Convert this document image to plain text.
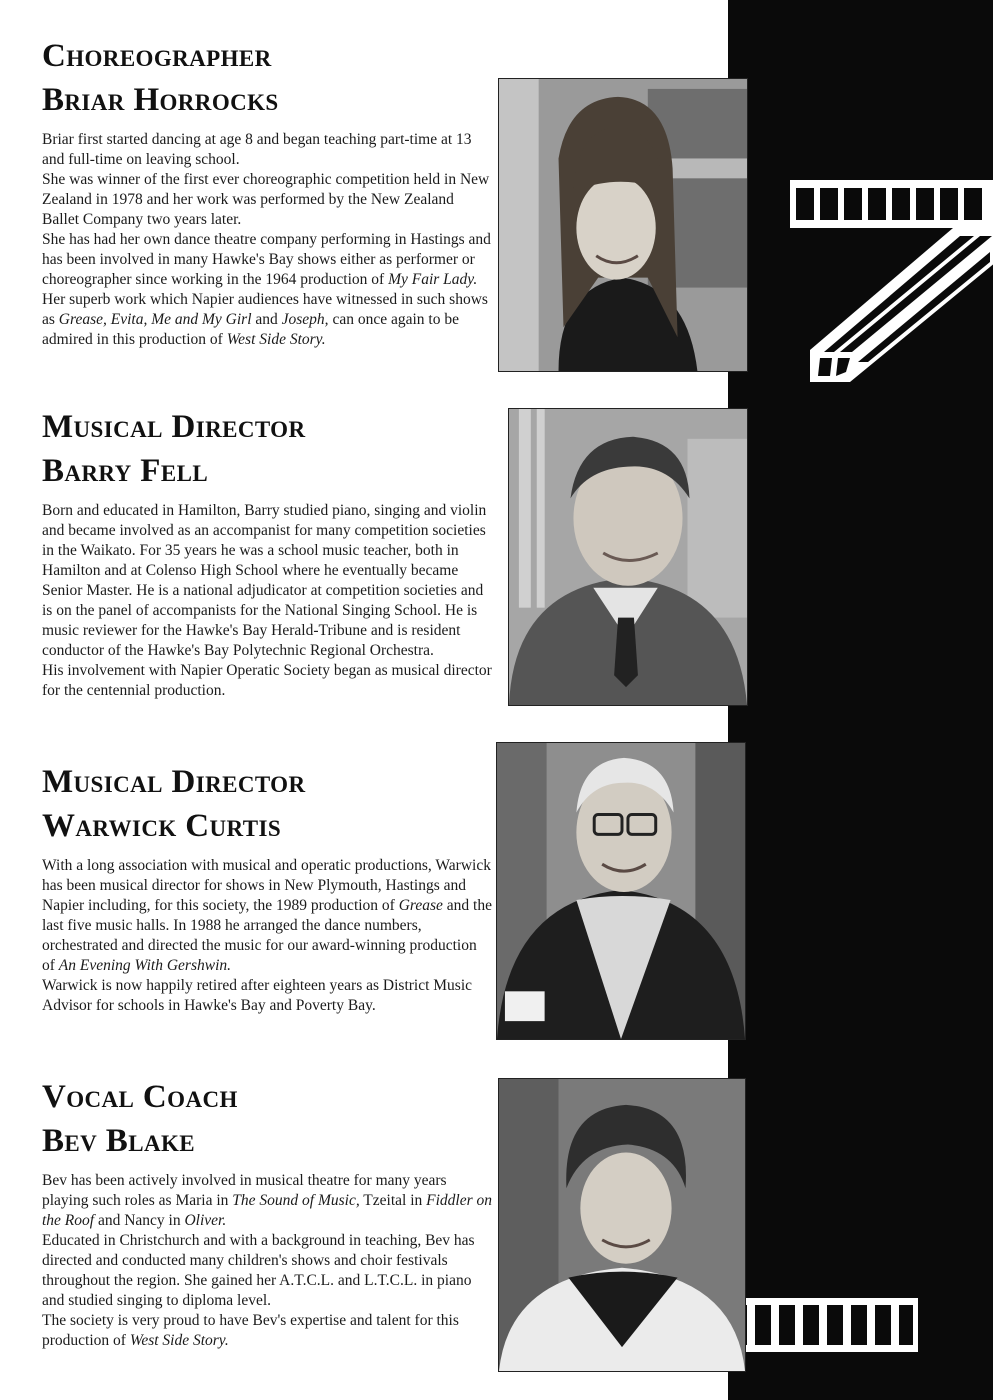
Choreographer
Briar Horrocks
Briar first started dancing at age 8 and began teaching part-time at 13 and full-time on leaving school.
She was winner of the first ever choreographic competition held in New Zealand in 1978 and her work was performed by the New Zealand Ballet Company two years later.
She has had her own dance theatre company performing in Hastings and has been involved in many Hawke's Bay shows either as performer or choreographer since working in the 1964 production of My Fair Lady.
Her superb work which Napier audiences have witnessed in such shows as Grease, Evita, Me and My Girl and Joseph, can once again to be admired in this production of West Side Story.
Musical Director
Barry Fell
Born and educated in Hamilton, Barry studied piano, singing and violin and became involved as an accompanist for many competition societies in the Waikato. For 35 years he was a school music teacher, both in Hamilton and at Colenso High School where he eventually became Senior Master. He is a national adjudicator at competition societies and is on the panel of accompanists for the National Singing School. He is music reviewer for the Hawke's Bay Herald-Tribune and is resident conductor of the Hawke's Bay Polytechnic Regional Orchestra.
His involvement with Napier Operatic Society began as musical director for the centennial production.
Musical Director
Warwick Curtis
With a long association with musical and operatic productions, Warwick has been musical director for shows in New Plymouth, Hastings and Napier including, for this society, the 1989 production of Grease and the last five music halls. In 1988 he arranged the dance numbers, orchestrated and directed the music for our award-winning production of An Evening With Gershwin.
Warwick is now happily retired after eighteen years as District Music Advisor for schools in Hawke's Bay and Poverty Bay.
Vocal Coach
Bev Blake
Bev has been actively involved in musical theatre for many years playing such roles as Maria in The Sound of Music, Tzeital in Fiddler on the Roof and Nancy in Oliver.
Educated in Christchurch and with a background in teaching, Bev has directed and conducted many children's shows and choir festivals throughout the region. She gained her A.T.C.L. and L.T.C.L. in piano and studied singing to diploma level.
The society is very proud to have Bev's expertise and talent for this production of West Side Story.
